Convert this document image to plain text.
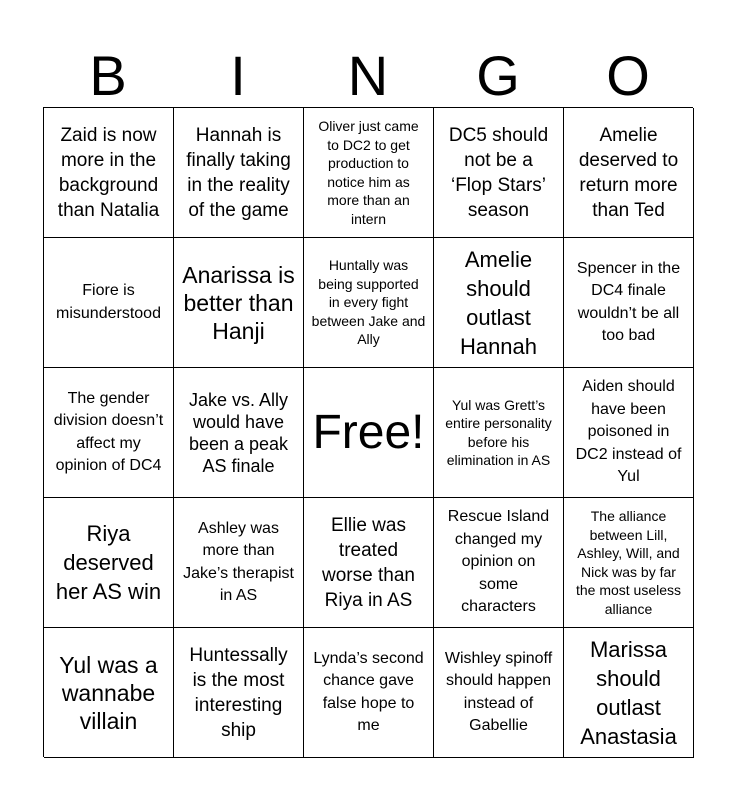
B	I	N	G	O
Zaid is now more in the background than Natalia
Hannah is finally taking in the reality of the game
Oliver just came to DC2 to get production to notice him as more than an intern
DC5 should not be a ‘Flop Stars’ season
Amelie deserved to return more than Ted
Fiore is misunderstood
Anarissa is better than Hanji
Huntally was being supported in every fight between Jake and Ally
Amelie should outlast Hannah
Spencer in the DC4 finale wouldn’t be all too bad
The gender division doesn’t affect my opinion of DC4
Jake vs. Ally would have been a peak AS finale
Free!
Yul was Grett’s entire personality before his elimination in AS
Aiden should have been poisoned in DC2 instead of Yul
Riya deserved her AS win
Ashley was more than Jake’s therapist in AS
Ellie was treated worse than Riya in AS
Rescue Island changed my opinion on some characters
The alliance between Lill, Ashley, Will, and Nick was by far the most useless alliance
Yul was a wannabe villain
Huntessally is the most interesting ship
Lynda’s second chance gave false hope to me
Wishley spinoff should happen instead of Gabellie
Marissa should outlast Anastasia
